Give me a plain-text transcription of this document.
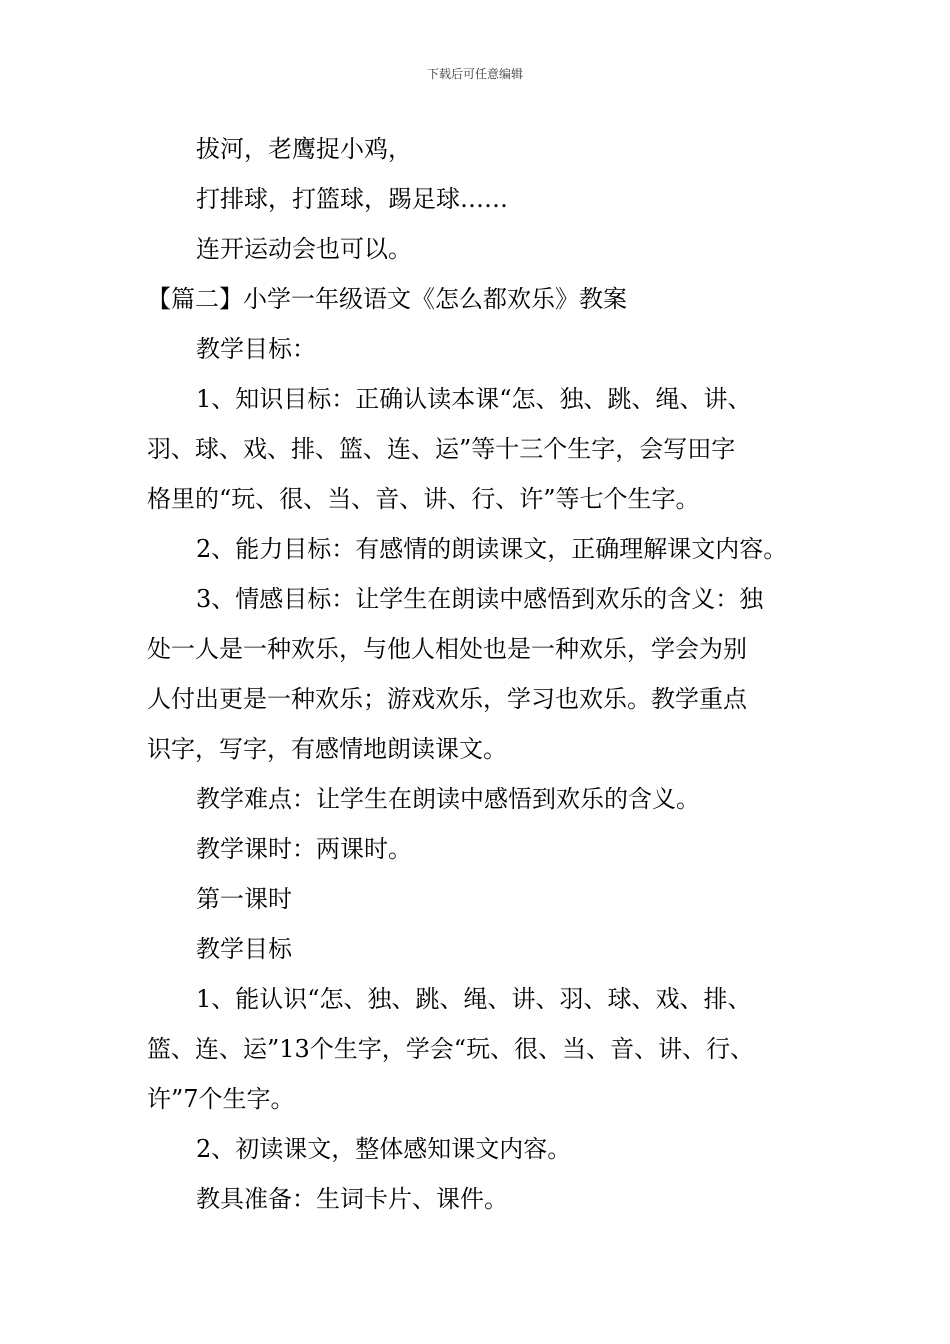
下载后可任意编辑
拔河，老鹰捉小鸡，
打排球，打篮球，踢足球……
连开运动会也可以。
【篇二】小学一年级语文《怎么都欢乐》教案
教学目标：
1、知识目标：正确认读本课“怎、独、跳、绳、讲、
羽、球、戏、排、篮、连、运”等十三个生字，会写田字
格里的“玩、很、当、音、讲、行、许”等七个生字。
2、能力目标：有感情的朗读课文，正确理解课文内容。
3、情感目标：让学生在朗读中感悟到欢乐的含义：独
处一人是一种欢乐，与他人相处也是一种欢乐，学会为别
人付出更是一种欢乐；游戏欢乐，学习也欢乐。教学重点
识字，写字，有感情地朗读课文。
教学难点：让学生在朗读中感悟到欢乐的含义。
教学课时：两课时。
第一课时
教学目标
1、能认识“怎、独、跳、绳、讲、羽、球、戏、排、
篮、连、运”13个生字，学会“玩、很、当、音、讲、行、
许”7个生字。
2、初读课文，整体感知课文内容。
教具准备：生词卡片、课件。
